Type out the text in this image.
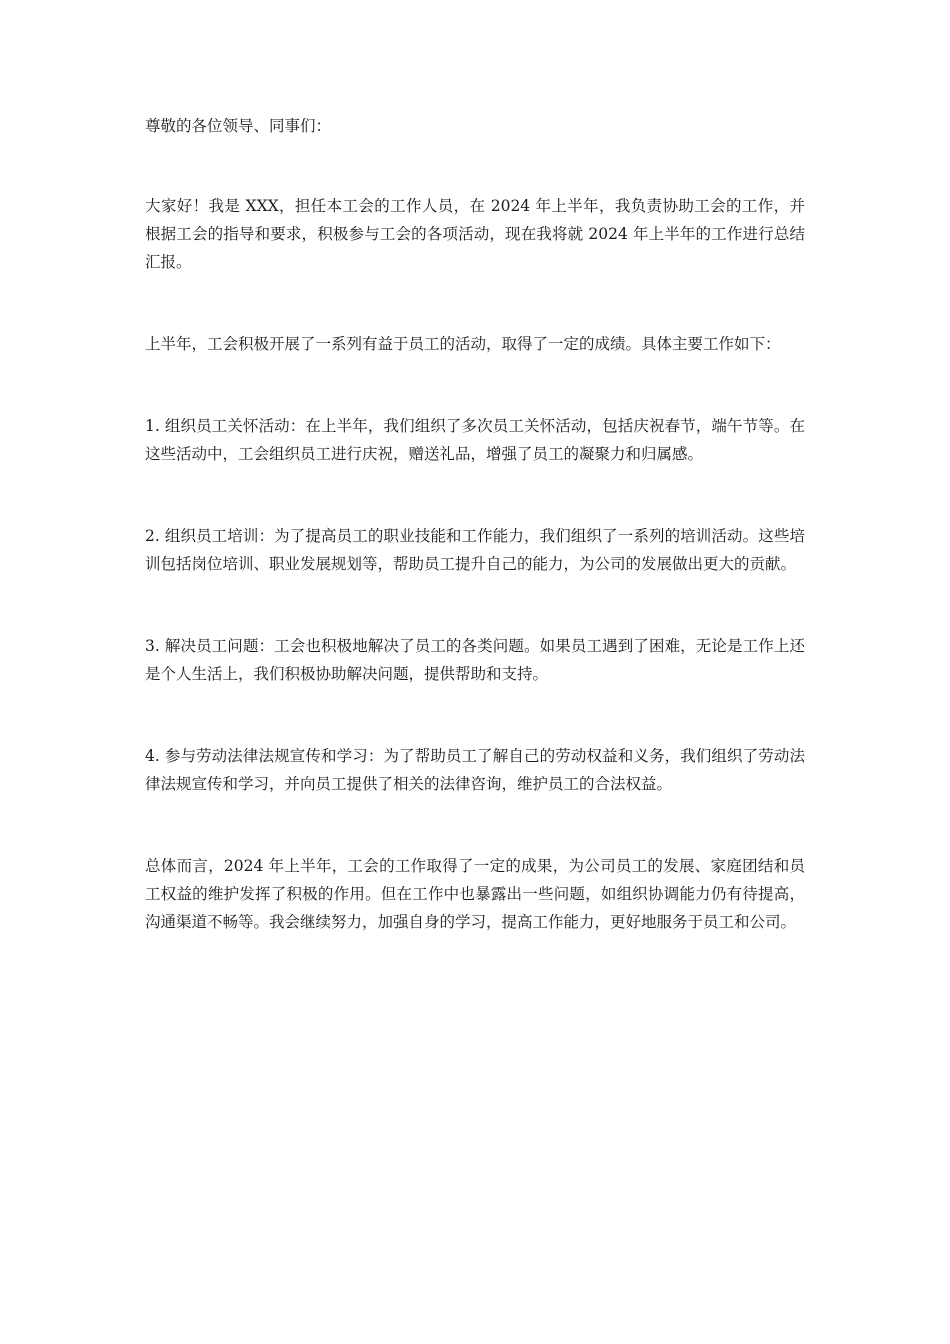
尊敬的各位领导、同事们：

大家好！我是 XXX，担任本工会的工作人员，在 2024 年上半年，我负责协助工会的工作，并根据工会的指导和要求，积极参与工会的各项活动，现在我将就 2024 年上半年的工作进行总结汇报。

上半年，工会积极开展了一系列有益于员工的活动，取得了一定的成绩。具体主要工作如下：

1. 组织员工关怀活动：在上半年，我们组织了多次员工关怀活动，包括庆祝春节，端午节等。在这些活动中，工会组织员工进行庆祝，赠送礼品，增强了员工的凝聚力和归属感。

2. 组织员工培训：为了提高员工的职业技能和工作能力，我们组织了一系列的培训活动。这些培训包括岗位培训、职业发展规划等，帮助员工提升自己的能力，为公司的发展做出更大的贡献。

3. 解决员工问题：工会也积极地解决了员工的各类问题。如果员工遇到了困难，无论是工作上还是个人生活上，我们积极协助解决问题，提供帮助和支持。

4. 参与劳动法律法规宣传和学习：为了帮助员工了解自己的劳动权益和义务，我们组织了劳动法律法规宣传和学习，并向员工提供了相关的法律咨询，维护员工的合法权益。

总体而言，2024 年上半年，工会的工作取得了一定的成果，为公司员工的发展、家庭团结和员工权益的维护发挥了积极的作用。但在工作中也暴露出一些问题，如组织协调能力仍有待提高，沟通渠道不畅等。我会继续努力，加强自身的学习，提高工作能力，更好地服务于员工和公司。
